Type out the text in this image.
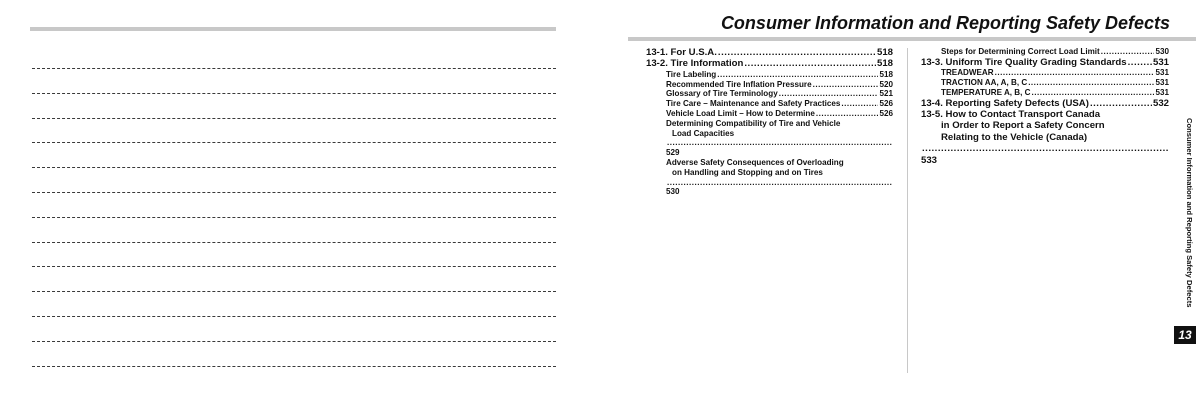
Consumer Information and Reporting Safety Defects
13-1. For U.S.A. .....	518
13-2. Tire Information .....	518
Tire Labeling .....	518
Recommended Tire Inflation Pressure .....	520
Glossary of Tire Terminology .....	521
Tire Care – Maintenance and Safety Practices .....	526
Vehicle Load Limit – How to Determine .....	526
Determining Compatibility of Tire and Vehicle
Load Capacities
.....
529
Adverse Safety Consequences of Overloading
on Handling and Stopping and on Tires
.....
530
Steps for Determining Correct Load Limit .....	530
13-3. Uniform Tire Quality Grading Standards .....	531
TREADWEAR .....	531
TRACTION AA, A, B, C .....	531
TEMPERATURE A, B, C .....	531
13-4. Reporting Safety Defects (USA) .....	532
13-5. How to Contact Transport Canada
in Order to Report a Safety Concern
Relating to the Vehicle (Canada)
.....
533	Consumer Information and Reporting Safety Defects
13
